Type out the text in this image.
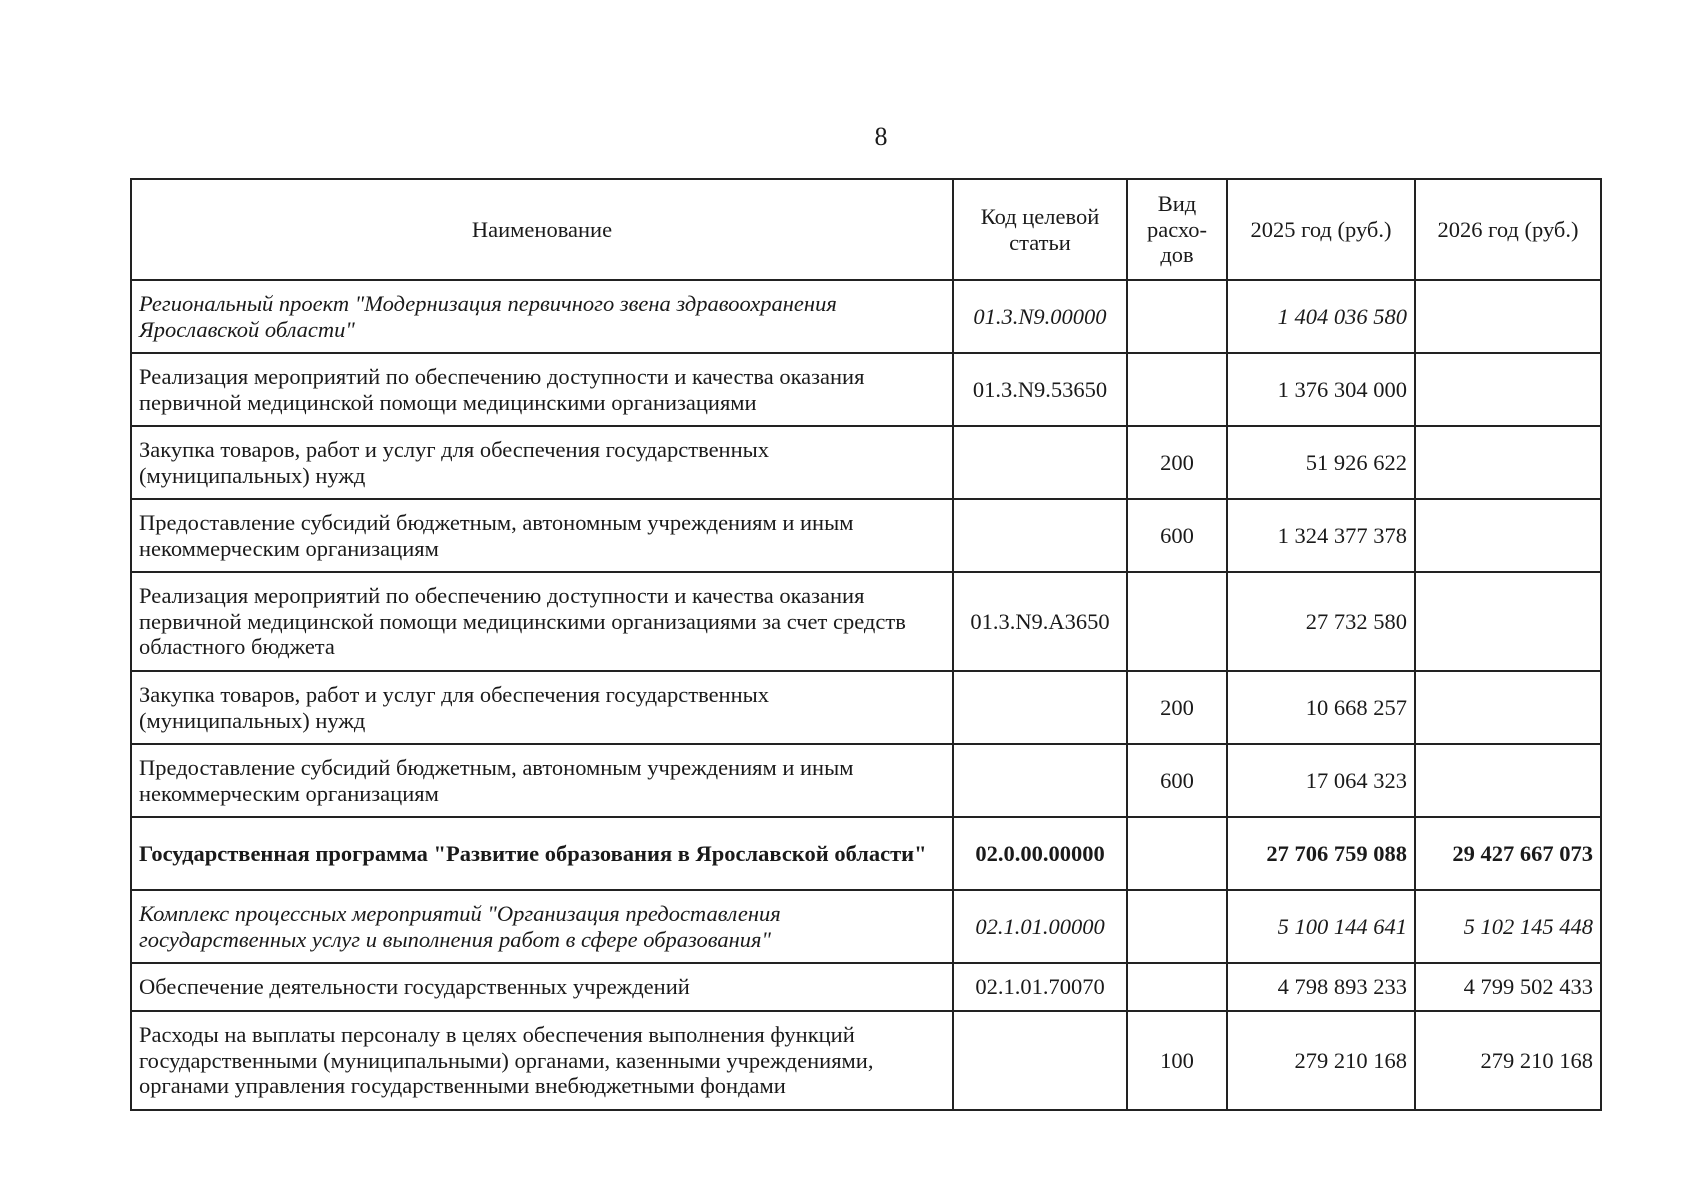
8
Наименование	Код целевой статьи	Вид расхо-дов	2025 год (руб.)	2026 год (руб.)
Региональный проект "Модернизация первичного звена здравоохранения Ярославской области"	01.3.N9.00000		1 404 036 580	
Реализация мероприятий по обеспечению доступности и качества оказания первичной медицинской помощи медицинскими организациями	01.3.N9.53650		1 376 304 000	
Закупка товаров, работ и услуг для обеспечения государственных (муниципальных) нужд		200	51 926 622	
Предоставление субсидий бюджетным, автономным учреждениям и иным некоммерческим организациям		600	1 324 377 378	
Реализация мероприятий по обеспечению доступности и качества оказания первичной медицинской помощи медицинскими организациями за счет средств областного бюджета	01.3.N9.A3650		27 732 580	
Закупка товаров, работ и услуг для обеспечения государственных (муниципальных) нужд		200	10 668 257	
Предоставление субсидий бюджетным, автономным учреждениям и иным некоммерческим организациям		600	17 064 323	
Государственная программа "Развитие образования в Ярославской области"	02.0.00.00000		27 706 759 088	29 427 667 073
Комплекс процессных мероприятий "Организация предоставления государственных услуг и выполнения работ в сфере образования"	02.1.01.00000		5 100 144 641	5 102 145 448
Обеспечение деятельности государственных учреждений	02.1.01.70070		4 798 893 233	4 799 502 433
Расходы на выплаты персоналу в целях обеспечения выполнения функций государственными (муниципальными) органами, казенными учреждениями, органами управления государственными внебюджетными фондами		100	279 210 168	279 210 168
